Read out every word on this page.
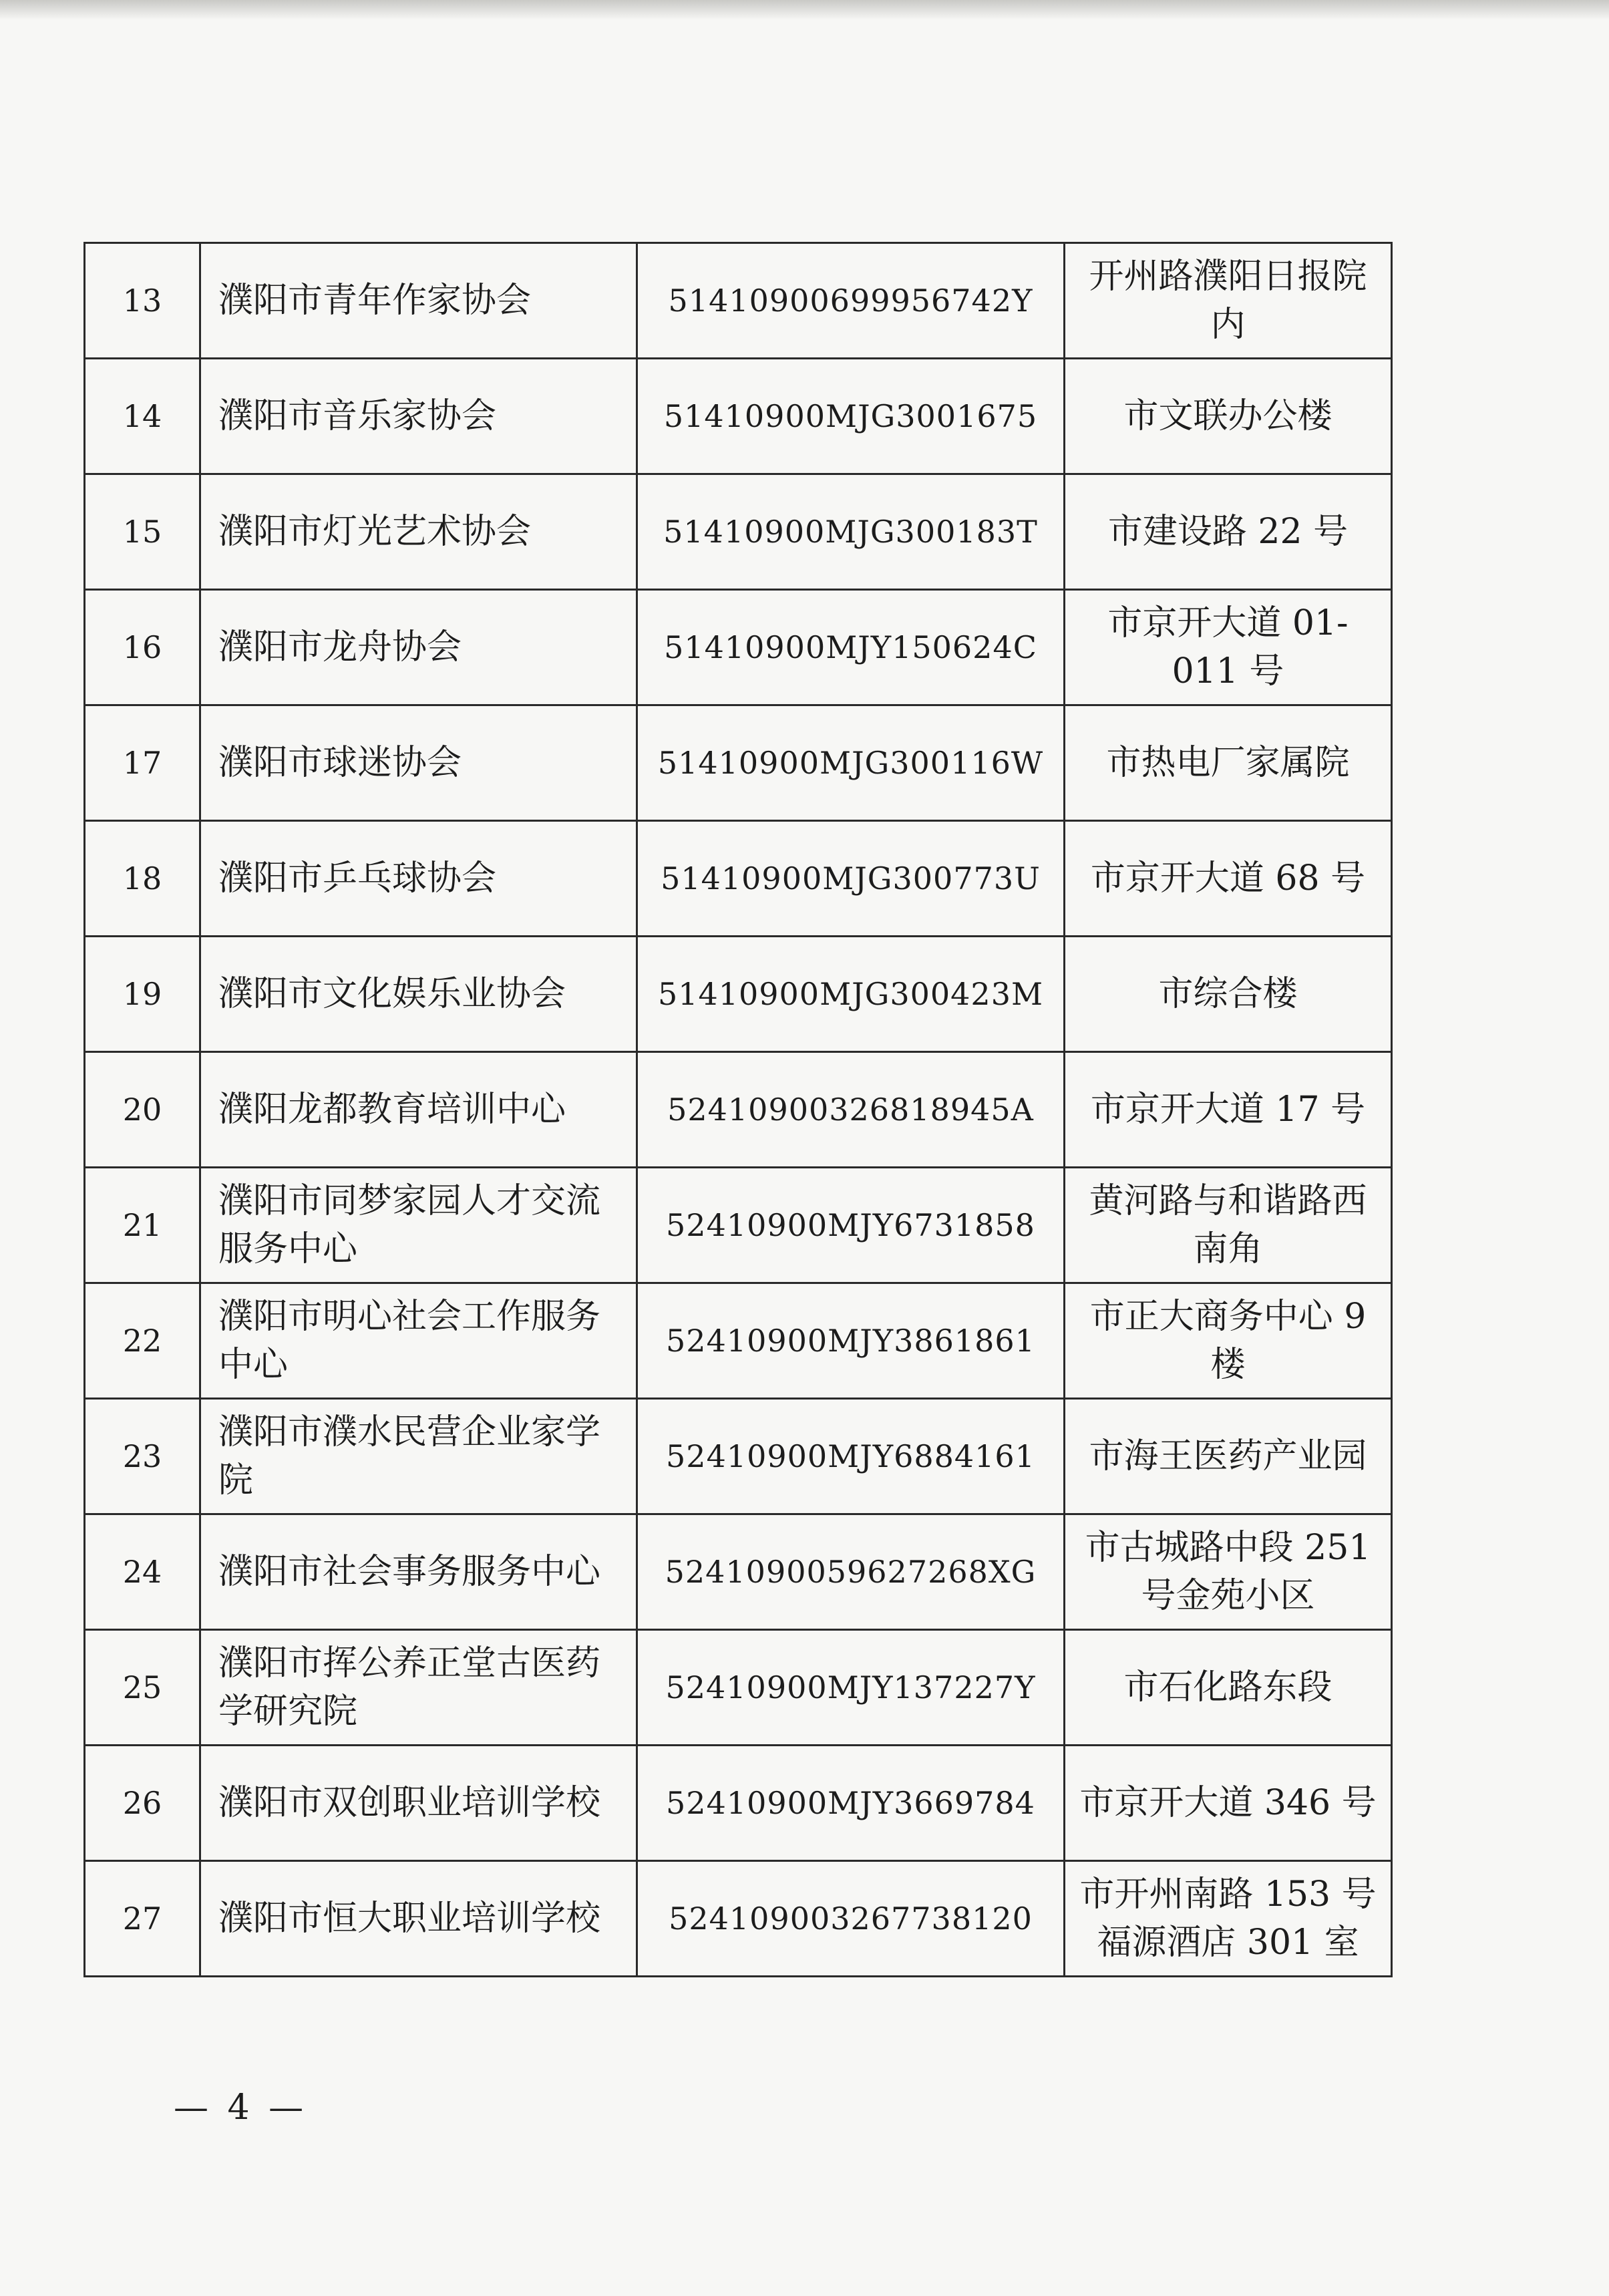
13	濮阳市青年作家协会	51410900699956742Y	开州路濮阳日报院内
14	濮阳市音乐家协会	51410900MJG3001675	市文联办公楼
15	濮阳市灯光艺术协会	51410900MJG300183T	市建设路 22 号
16	濮阳市龙舟协会	51410900MJY150624C	市京开大道 01-011 号
17	濮阳市球迷协会	51410900MJG300116W	市热电厂家属院
18	濮阳市乒乓球协会	51410900MJG300773U	市京开大道 68 号
19	濮阳市文化娱乐业协会	51410900MJG300423M	市综合楼
20	濮阳龙都教育培训中心	52410900326818945A	市京开大道 17 号
21	濮阳市同梦家园人才交流服务中心	52410900MJY6731858	黄河路与和谐路西南角
22	濮阳市明心社会工作服务中心	52410900MJY3861861	市正大商务中心 9 楼
23	濮阳市濮水民营企业家学院	52410900MJY6884161	市海王医药产业园
24	濮阳市社会事务服务中心	5241090059627268XG	市古城路中段 251 号金苑小区
25	濮阳市挥公养正堂古医药学研究院	52410900MJY137227Y	市石化路东段
26	濮阳市双创职业培训学校	52410900MJY3669784	市京开大道 346 号
27	濮阳市恒大职业培训学校	524109003267738120	市开州南路 153 号福源酒店 301 室
— 4 —
